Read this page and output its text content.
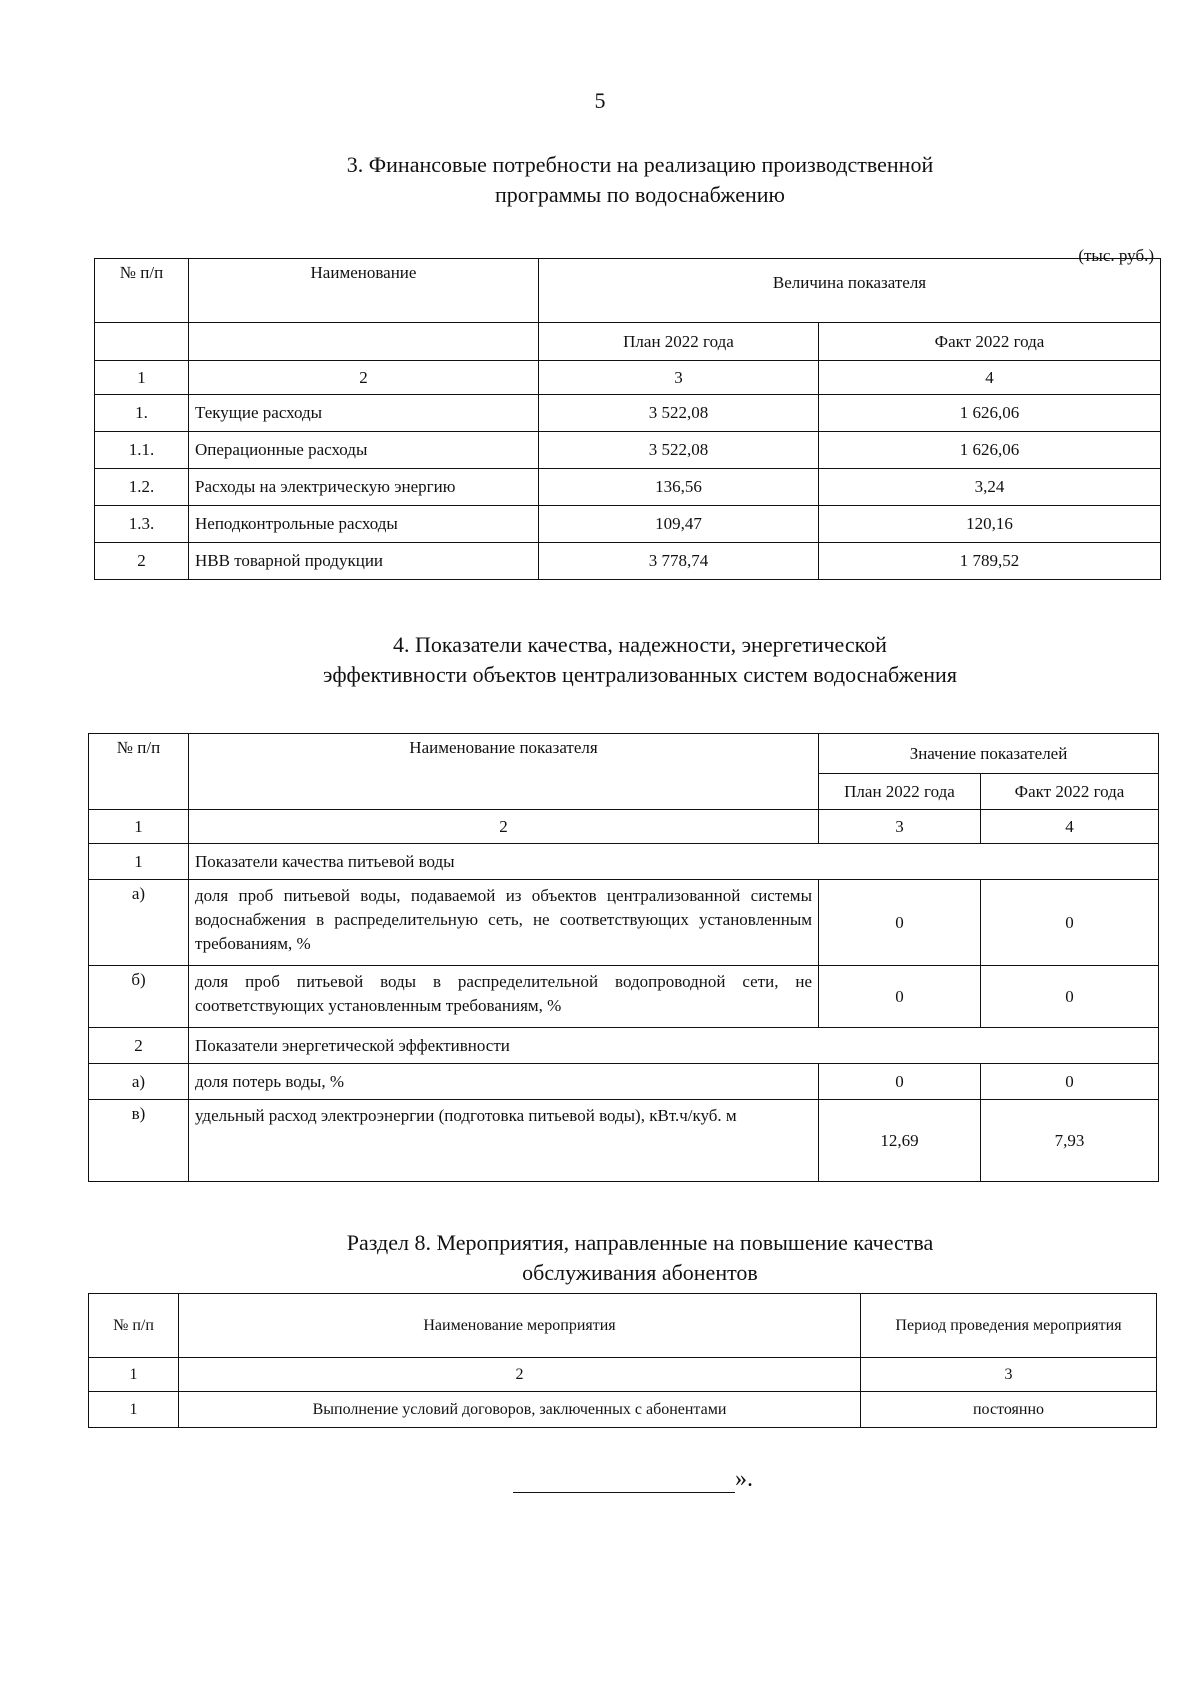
5
3. Финансовые потребности на реализацию производственной
программы по водоснабжению
(тыс. руб.)
№ п/п	Наименование	Величина показателя	
		План 2022 года	Факт 2022 года
1	2	3	4
1.	Текущие расходы	3 522,08	1 626,06
1.1.	Операционные расходы	3 522,08	1 626,06
1.2.	Расходы на электрическую энергию	136,56	3,24
1.3.	Неподконтрольные расходы	109,47	120,16
2	НВВ товарной продукции	3 778,74	1 789,52
4. Показатели качества, надежности, энергетической
эффективности объектов централизованных систем водоснабжения
№ п/п	Наименование показателя	Значение показателей	
		План 2022 года	Факт 2022 года
1	2	3	4
1	Показатели качества питьевой воды		
а)	доля проб питьевой воды, подаваемой из объектов централизованной системы водоснабжения в распределительную сеть, не соответствующих установленным требованиям, %	0	0
б)	доля проб питьевой воды в распределительной водопроводной сети, не соответствующих установленным требованиям, %	0	0
2	Показатели энергетической эффективности		
а)	доля потерь воды, %	0	0
в)	удельный расход электроэнергии (подготовка питьевой воды), кВт.ч/куб. м	12,69	7,93
Раздел 8. Мероприятия, направленные на повышение качества
обслуживания абонентов
№ п/п	Наименование мероприятия	Период проведения мероприятия
1	2	3
1	Выполнение условий договоров, заключенных с абонентами	постоянно
».
